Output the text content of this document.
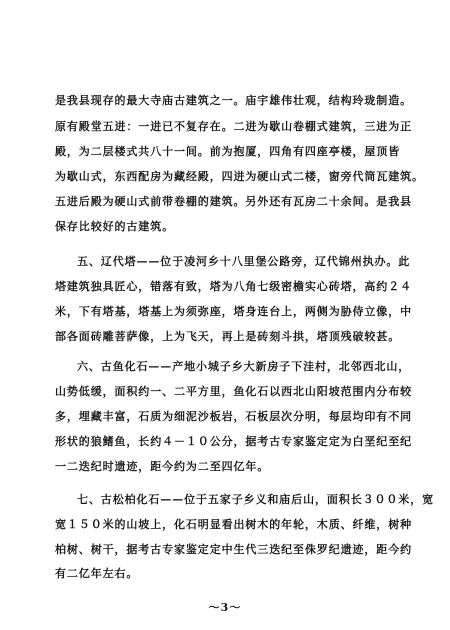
是我县现存的最大寺庙古建筑之一。庙宇雄伟壮观，结构玲珑制造。
原有殿堂五进：一进已不复存在。二进为歇山卷棚式建筑，三进为正
殿，为二层楼式共八十一间。前为抱厦，四角有四座亭楼，屋顶皆
为歇山式，东西配房为藏经殿，四进为硬山式二楼，窗旁代筒瓦建筑。
五进后殿为硬山式前带卷棚的建筑。另外还有瓦房二十余间。是我县
保存比较好的古建筑。
五、辽代塔——位于凌河乡十八里堡公路旁，辽代锦州执办。此
塔建筑独具匠心，错落有致，塔为八角七级密檐实心砖塔，高约２４
米，下有塔基，塔基上为须弥座，塔身连台上，两侧为胁侍立像，中
部各面砖雕菩萨像，上为飞天，再上是砖刻斗拱，塔顶残破较甚。
六、古鱼化石——产地小城子乡大新房子下洼村，北邻西北山，
山势低缓，面积约一、二平方里，鱼化石以西北山阳坡范围内分布较
多，埋藏丰富，石质为细泥沙板岩，石板层次分明，每层均印有不同
形状的狼鳍鱼，长约４－１０公分，据考古专家鉴定定为白垩纪至纪
一二迭纪时遗迹，距今约为二至四亿年。
七、古松柏化石——位于五家子乡义和庙后山，面积长３００米，宽
宽１５０米的山坡上，化石明显看出树木的年轮，木质、纤维，树种
柏树、树干，据考古专家鉴定定中生代三迭纪至侏罗纪遗迹，距今约
有二亿年左右。
～3～
